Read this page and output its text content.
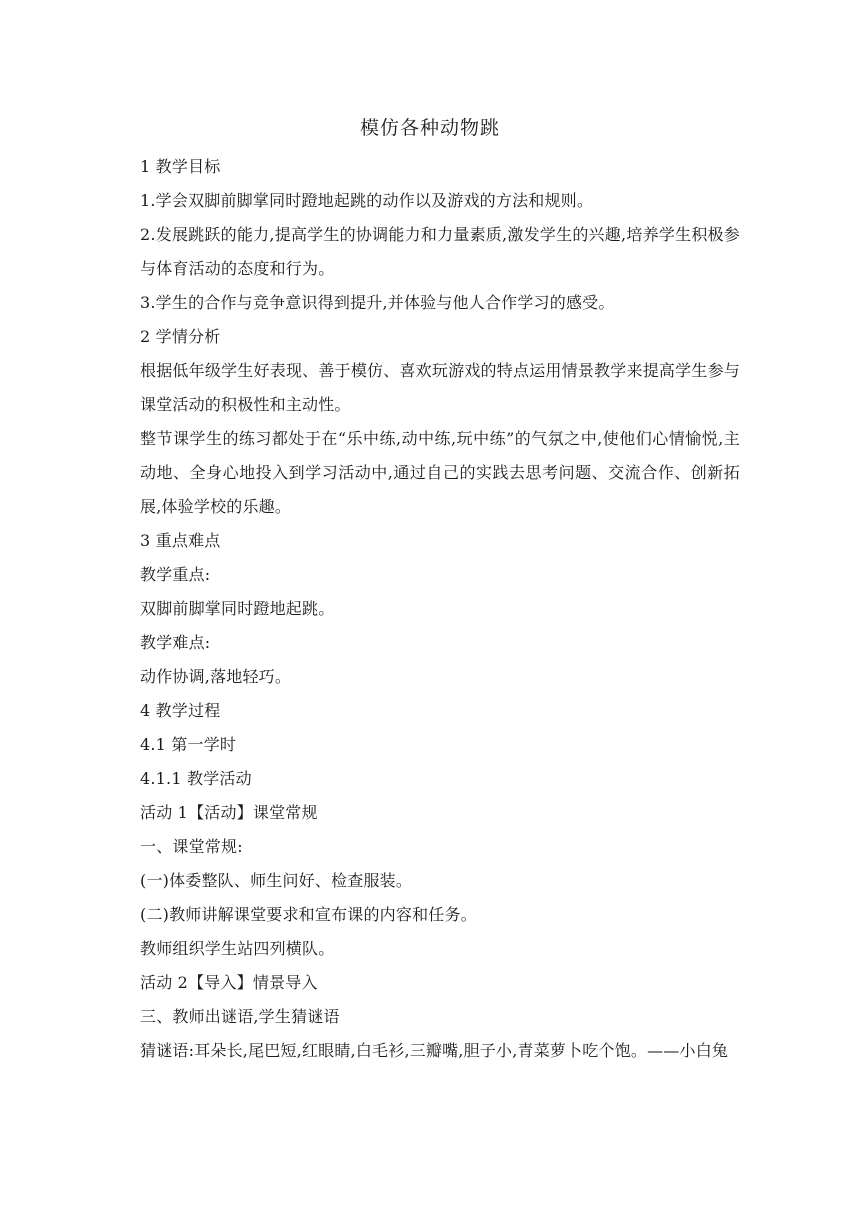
模仿各种动物跳

1 教学目标

1.学会双脚前脚掌同时蹬地起跳的动作以及游戏的方法和规则。

2.发展跳跃的能力,提高学生的协调能力和力量素质,激发学生的兴趣,培养学生积极参与体育活动的态度和行为。

3.学生的合作与竞争意识得到提升,并体验与他人合作学习的感受。

2 学情分析

根据低年级学生好表现、善于模仿、喜欢玩游戏的特点运用情景教学来提高学生参与课堂活动的积极性和主动性。

整节课学生的练习都处于在“乐中练,动中练,玩中练”的气氛之中,使他们心情愉悦,主动地、全身心地投入到学习活动中,通过自己的实践去思考问题、交流合作、创新拓展,体验学校的乐趣。

3 重点难点

教学重点:

双脚前脚掌同时蹬地起跳。

教学难点:

动作协调,落地轻巧。

4 教学过程

4.1 第一学时

4.1.1 教学活动

活动 1【活动】课堂常规

一、课堂常规:

(一)体委整队、师生问好、检查服装。

(二)教师讲解课堂要求和宣布课的内容和任务。

教师组织学生站四列横队。

活动 2【导入】情景导入

三、教师出谜语,学生猜谜语

猜谜语:耳朵长,尾巴短,红眼睛,白毛衫,三瓣嘴,胆子小,青菜萝卜吃个饱。——小白兔
